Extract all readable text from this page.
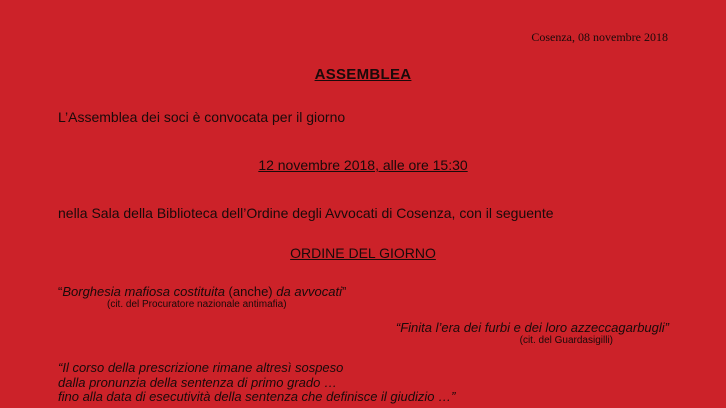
Cosenza, 08 novembre 2018
ASSEMBLEA
L’Assemblea dei soci è convocata per il giorno
12 novembre 2018, alle ore 15:30
nella Sala della Biblioteca dell’Ordine degli Avvocati di Cosenza, con il seguente
ORDINE DEL GIORNO
“Borghesia mafiosa costituita (anche) da avvocati”
(cit. del Procuratore nazionale antimafia)
“Finita l’era dei furbi e dei loro azzeccagarbugli”
(cit. del Guardasigilli)
“Il corso della prescrizione rimane altresì sospeso
dalla pronunzia della sentenza di primo grado …
fino alla data di esecutività della sentenza che definisce il giudizio …”
